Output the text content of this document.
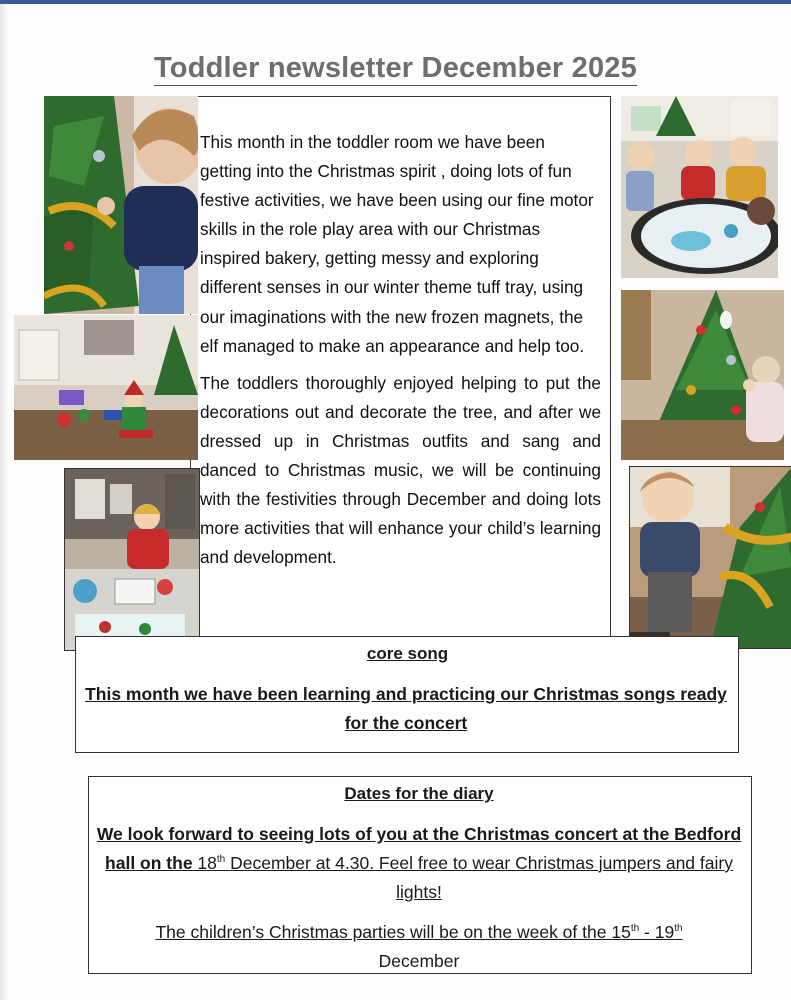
Toddler newsletter December 2025

This month in the toddler room we have been getting into the Christmas spirit , doing lots of fun festive activities, we have been using our fine motor skills in the role play area with our Christmas inspired bakery, getting messy and exploring different senses in our winter theme tuff tray, using our imaginations with the new frozen magnets, the elf managed to make an appearance and help too.

The toddlers thoroughly enjoyed helping to put the decorations out and decorate the tree, and after we dressed up in Christmas outfits and sang and danced to Christmas music, we will be continuing with the festivities through December and doing lots more activities that will enhance your child’s learning and development.

core song
This month we have been learning and practicing our Christmas songs ready for the concert
Dates for the diary
We look forward to seeing lots of you at the Christmas concert at the Bedford hall on the 18th December at 4.30. Feel free to wear Christmas jumpers and fairy lights!
The children’s Christmas parties will be on the week of the 15th - 19th
December
